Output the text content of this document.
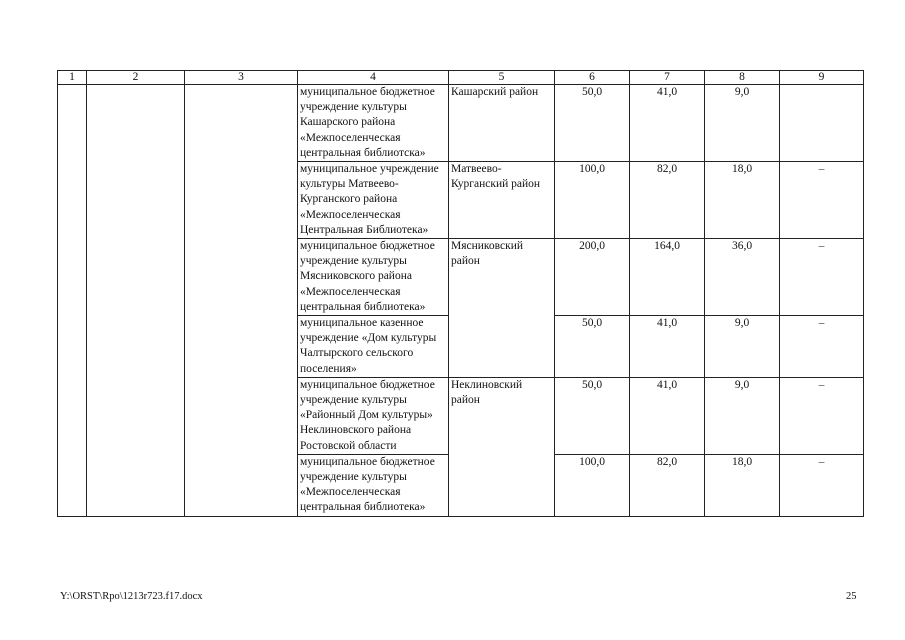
1	2	3	4	5	6	7	8	9
			муниципальное бюджетное учреждение культуры Кашарского района «Межпоселенческая центральная библиотска»	Кашарский район	50,0	41,0	9,0	
			муниципальное учреждение культуры Матвеево-Курганского района «Межпоселенческая Центральная Библиотека»	Матвеево-Курганский район	100,0	82,0	18,0	–
			муниципальное бюджетное учреждение культуры Мясниковского района «Межпоселенческая центральная библиотека»	Мясниковский район	200,0	164,0	36,0	–
			муниципальное казенное учреждение «Дом культуры Чалтырского сельского поселения»		50,0	41,0	9,0	–
			муниципальное бюджетное учреждение культуры «Районный Дом культуры» Неклиновского района Ростовской области	Неклиновский район	50,0	41,0	9,0	–
			муниципальное бюджетное учреждение культуры «Межпоселенческая центральная библиотека»		100,0	82,0	18,0	–
Y:\ORST\Rpo\1213r723.f17.docx	25
